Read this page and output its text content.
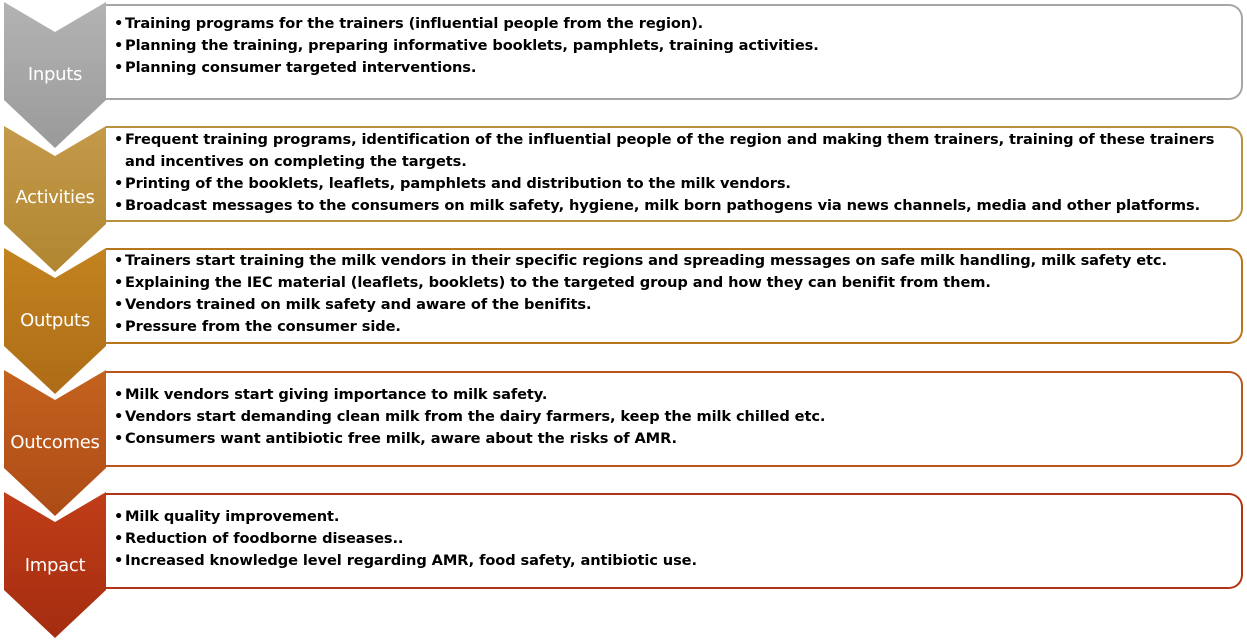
Inputs
Activities
Outputs
Outcomes
Impact
• Training programs for the trainers (influential people from the region).
• Planning the training, preparing informative booklets, pamphlets, training activities.
• Planning consumer targeted interventions.
• Frequent training programs, identification of the influential people of the region and making them trainers, training of these trainers and incentives on completing the targets.
• Printing of the booklets, leaflets, pamphlets and distribution to the milk vendors.
• Broadcast messages to the consumers on milk safety, hygiene, milk born pathogens via news channels, media and other platforms.
• Trainers start training the milk vendors in their specific regions and spreading messages on safe milk handling, milk safety etc.
• Explaining the IEC material (leaflets, booklets) to the targeted group and how they can benifit from them.
• Vendors trained on milk safety and aware of the benifits.
• Pressure from the consumer side.
• Milk vendors start giving importance to milk safety.
• Vendors start demanding clean milk from the dairy farmers, keep the milk chilled etc.
• Consumers want antibiotic free milk, aware about the risks of AMR.
• Milk quality improvement.
• Reduction of foodborne diseases..
• Increased knowledge level regarding AMR, food safety, antibiotic use.
